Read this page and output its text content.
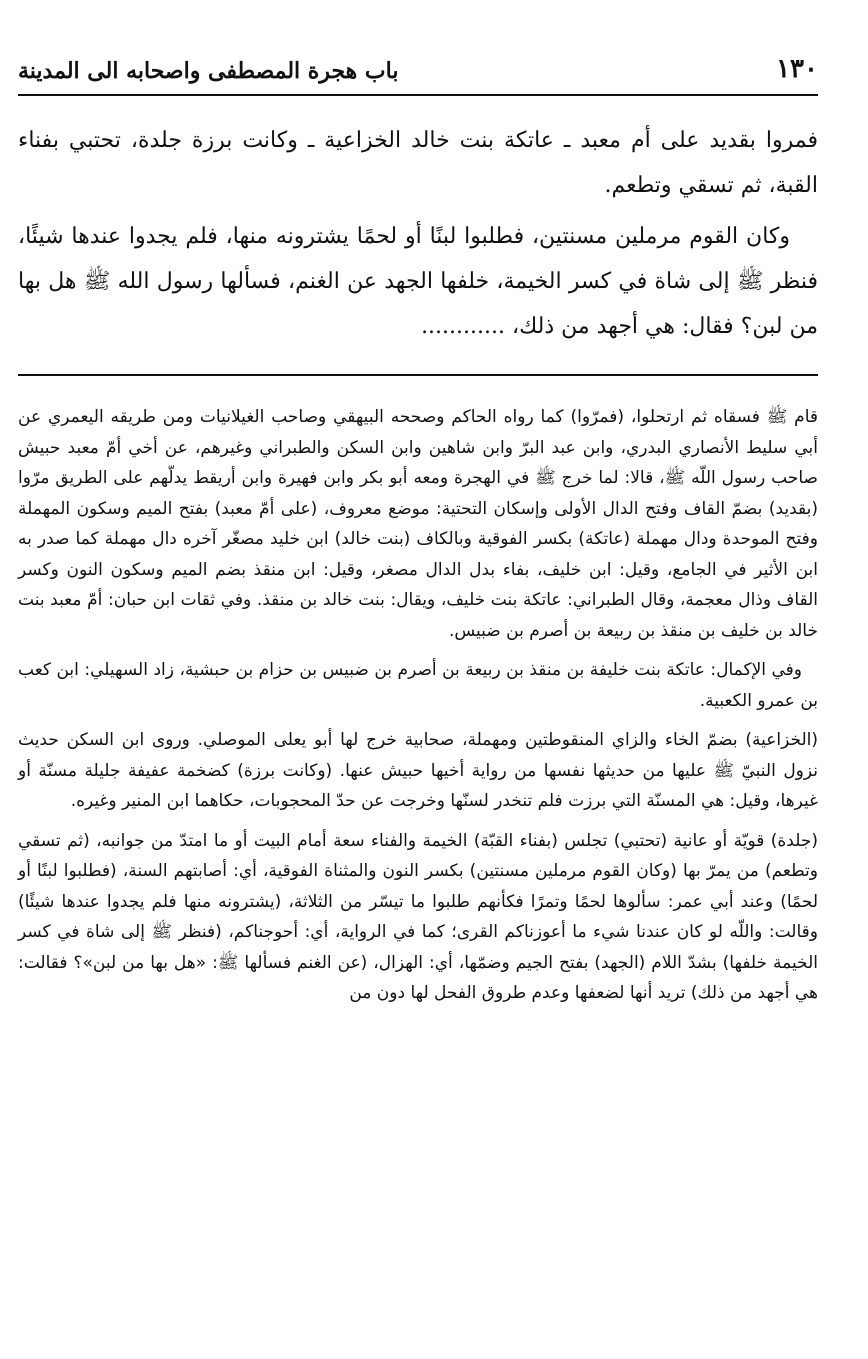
١٣٠
باب هجرة المصطفى واصحابه الى المدينة

فمروا بقديد على أم معبد ـ عاتكة بنت خالد الخزاعية ـ وكانت برزة جلدة، تحتبي بفناء القبة، ثم تسقي وتطعم.

وكان القوم مرملين مسنتين، فطلبوا لبنًا أو لحمًا يشترونه منها، فلم يجدوا عندها شيئًا، فنظر ﷺ إلى شاة في كسر الخيمة، خلفها الجهد عن الغنم، فسألها رسول الله ﷺ هل بها من لبن؟ فقال: هي أجهد من ذلك، ............

قام ﷺ فسقاه ثم ارتحلوا، (فمرّوا) كما رواه الحاكم وصححه البيهقي وصاحب الغيلانيات ومن طريقه اليعمري عن أبي سليط الأنصاري البدري، وابن عبد البرّ وابن شاهين وابن السكن والطبراني وغيرهم، عن أخي أمّ معبد حبيش صاحب رسول اللّه ﷺ، قالا: لما خرج ﷺ في الهجرة ومعه أبو بكر وابن فهيرة وابن أريقط يدلّهم على الطريق مرّوا (بقديد) بضمّ القاف وفتح الدال الأولى وإسكان التحتية: موضع معروف، (على أمّ معبد) بفتح الميم وسكون المهملة وفتح الموحدة ودال مهملة (عاتكة) بكسر الفوقية وبالكاف (بنت خالد) ابن خليد مصغّر آخره دال مهملة كما صدر به ابن الأثير في الجامع، وقيل: ابن خليف، بفاء بدل الدال مصغر، وقيل: ابن منقذ بضم الميم وسكون النون وكسر القاف وذال معجمة، وقال الطبراني: عاتكة بنت خليف، ويقال: بنت خالد بن منقذ. وفي ثقات ابن حبان: أمّ معبد بنت خالد بن خليف بن منقذ بن ربيعة بن أصرم بن ضبيس.

وفي الإكمال: عاتكة بنت خليفة بن منقذ بن ربيعة بن أصرم بن ضبيس بن حزام بن حبشية، زاد السهيلي: ابن كعب بن عمرو الكعبية.

(الخزاعية) بضمّ الخاء والزاي المنقوطتين ومهملة، صحابية خرج لها أبو يعلى الموصلي. وروى ابن السكن حديث نزول النبيّ ﷺ عليها من حديثها نفسها من رواية أخيها حبيش عنها. (وكانت برزة) كضخمة عفيفة جليلة مسنّة أو غيرها، وقيل: هي المسنّة التي برزت فلم تنخدر لسنّها وخرجت عن حدّ المحجوبات، حكاهما ابن المنير وغيره.

(جلدة) قويّة أو عانية (تحتبي) تجلس (بفناء القبّة) الخيمة والفناء سعة أمام البيت أو ما امتدّ من جوانبه، (ثم تسقي وتطعم) من يمرّ بها (وكان القوم مرملين مسنتين) بكسر النون والمثناة الفوقية، أي: أصابتهم السنة، (فطلبوا لبنًا أو لحمًا) وعند أبي عمر: سألوها لحمًا وتمرًا فكأنهم طلبوا ما تيسّر من الثلاثة، (يشترونه منها فلم يجدوا عندها شيئًا) وقالت: واللّه لو كان عندنا شيء ما أعوزناكم القرى؛ كما في الرواية، أي: أحوجناكم، (فنظر ﷺ إلى شاة في كسر الخيمة خلفها) بشدّ اللام (الجهد) بفتح الجيم وضمّها، أي: الهزال، (عن الغنم فسألها ﷺ: «هل بها من لبن»؟ فقالت: هي أجهد من ذلك) تريد أنها لضعفها وعدم طروق الفحل لها دون من
